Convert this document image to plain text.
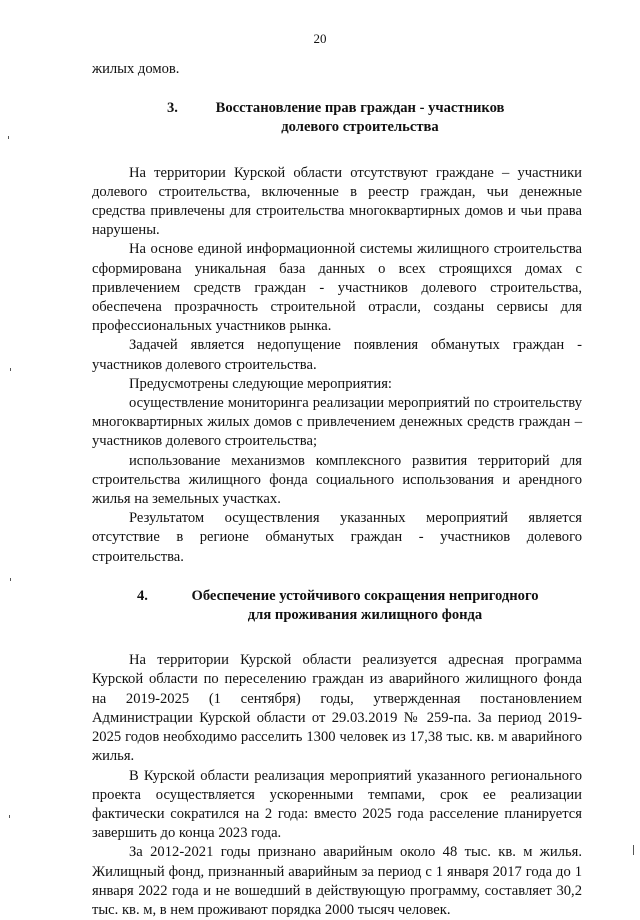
20

жилых домов.

3.	Восстановление прав граждан - участников
долевого строительства

На территории Курской области отсутствуют граждане – участники долевого строительства, включенные в реестр граждан, чьи денежные средства привлечены для строительства многоквартирных домов и чьи права нарушены.

На основе единой информационной системы жилищного строительства сформирована уникальная база данных о всех строящихся домах с привлечением средств граждан - участников долевого строительства, обеспечена прозрачность строительной отрасли, созданы сервисы для профессиональных участников рынка.

Задачей является недопущение появления обманутых граждан - участников долевого строительства.

Предусмотрены следующие мероприятия:

осуществление мониторинга реализации мероприятий по строительству многоквартирных жилых домов с привлечением денежных средств граждан – участников долевого строительства;

использование механизмов комплексного развития территорий для строительства жилищного фонда социального использования и арендного жилья на земельных участках.

Результатом осуществления указанных мероприятий является отсутствие в регионе обманутых граждан - участников долевого строительства.

4.	Обеспечение устойчивого сокращения непригодного
для проживания жилищного фонда

На территории Курской области реализуется адресная программа Курской области по переселению граждан из аварийного жилищного фонда на 2019-2025 (1 сентября) годы, утвержденная постановлением Администрации Курской области от 29.03.2019 № 259-па. За период 2019-2025 годов необходимо расселить 1300 человек из 17,38 тыс. кв. м аварийного жилья.

В Курской области реализация мероприятий указанного регионального проекта осуществляется ускоренными темпами, срок ее реализации фактически сократился на 2 года: вместо 2025 года расселение планируется завершить до конца 2023 года.

За 2012-2021 годы признано аварийным около 48 тыс. кв. м жилья. Жилищный фонд, признанный аварийным за период с 1 января 2017 года до 1 января 2022 года и не вошедший в действующую программу, составляет 30,2 тыс. кв. м, в нем проживают порядка 2000 тысяч человек.
